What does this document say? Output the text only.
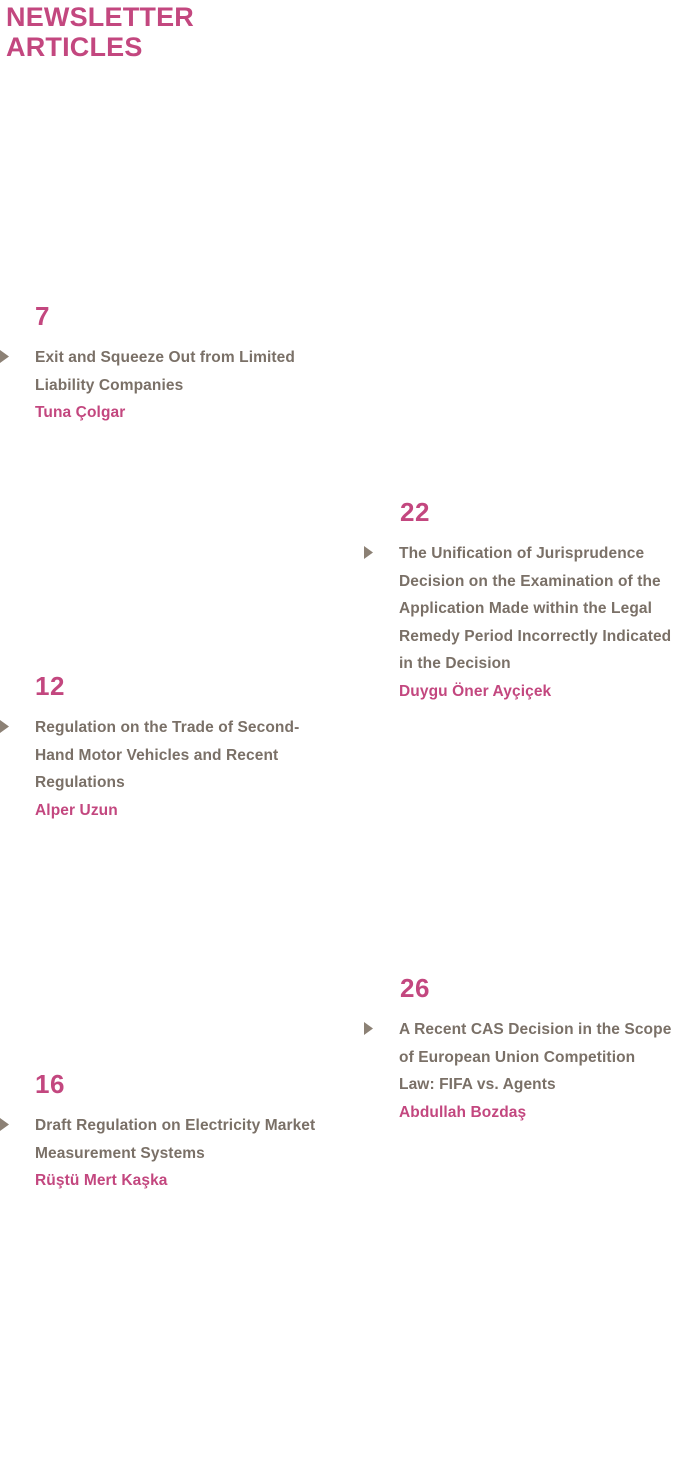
NEWSLETTER
ARTICLES
7
Exit and Squeeze Out from Limited Liability Companies
Tuna Çolgar
12
Regulation on the Trade of Second-Hand Motor Vehicles and Recent Regulations
Alper Uzun
16
Draft Regulation on Electricity Market Measurement Systems
Rüştü Mert Kaşka
22
The Unification of Jurisprudence Decision on the Examination of the Application Made within the Legal Remedy Period Incorrectly Indicated in the Decision
Duygu Öner Ayçiçek
26
A Recent CAS Decision in the Scope of European Union Competition Law: FIFA vs. Agents
Abdullah Bozdaş
